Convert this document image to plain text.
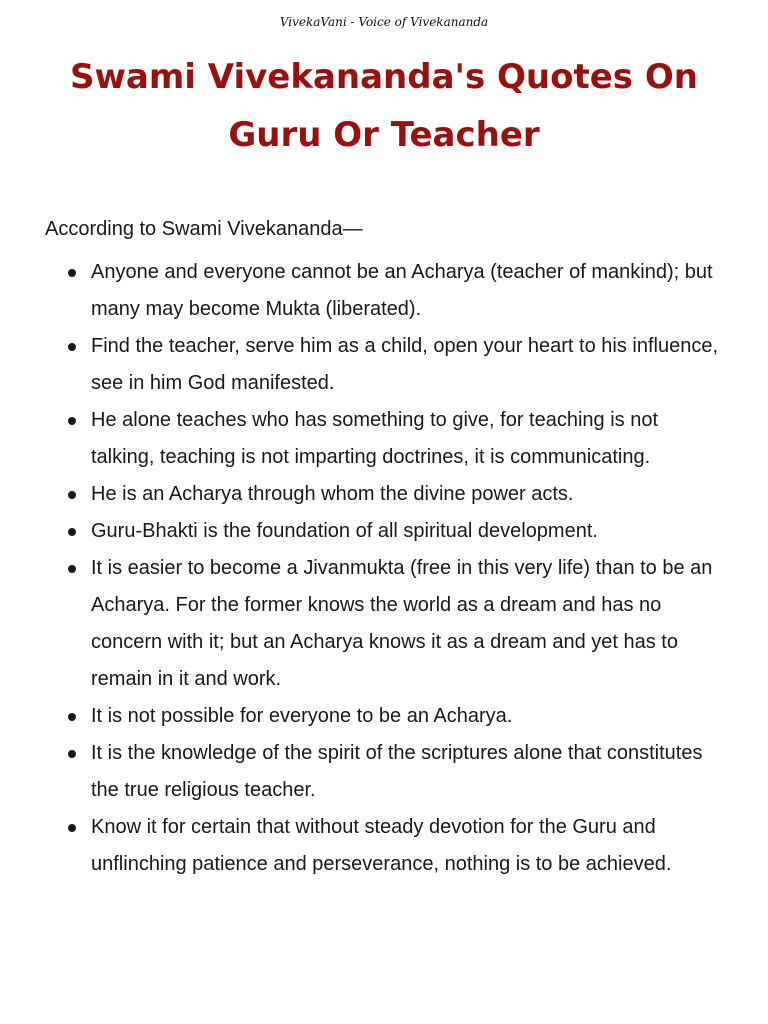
VivekaVani - Voice of Vivekananda
Swami Vivekananda's Quotes On Guru Or Teacher
According to Swami Vivekananda—
Anyone and everyone cannot be an Acharya (teacher of mankind); but many may become Mukta (liberated).
Find the teacher, serve him as a child, open your heart to his influence, see in him God manifested.
He alone teaches who has something to give, for teaching is not talking, teaching is not imparting doctrines, it is communicating.
He is an Acharya through whom the divine power acts.
Guru-Bhakti is the foundation of all spiritual development.
It is easier to become a Jivanmukta (free in this very life) than to be an Acharya. For the former knows the world as a dream and has no concern with it; but an Acharya knows it as a dream and yet has to remain in it and work.
It is not possible for everyone to be an Acharya.
It is the knowledge of the spirit of the scriptures alone that constitutes the true religious teacher.
Know it for certain that without steady devotion for the Guru and unflinching patience and perseverance, nothing is to be achieved.
